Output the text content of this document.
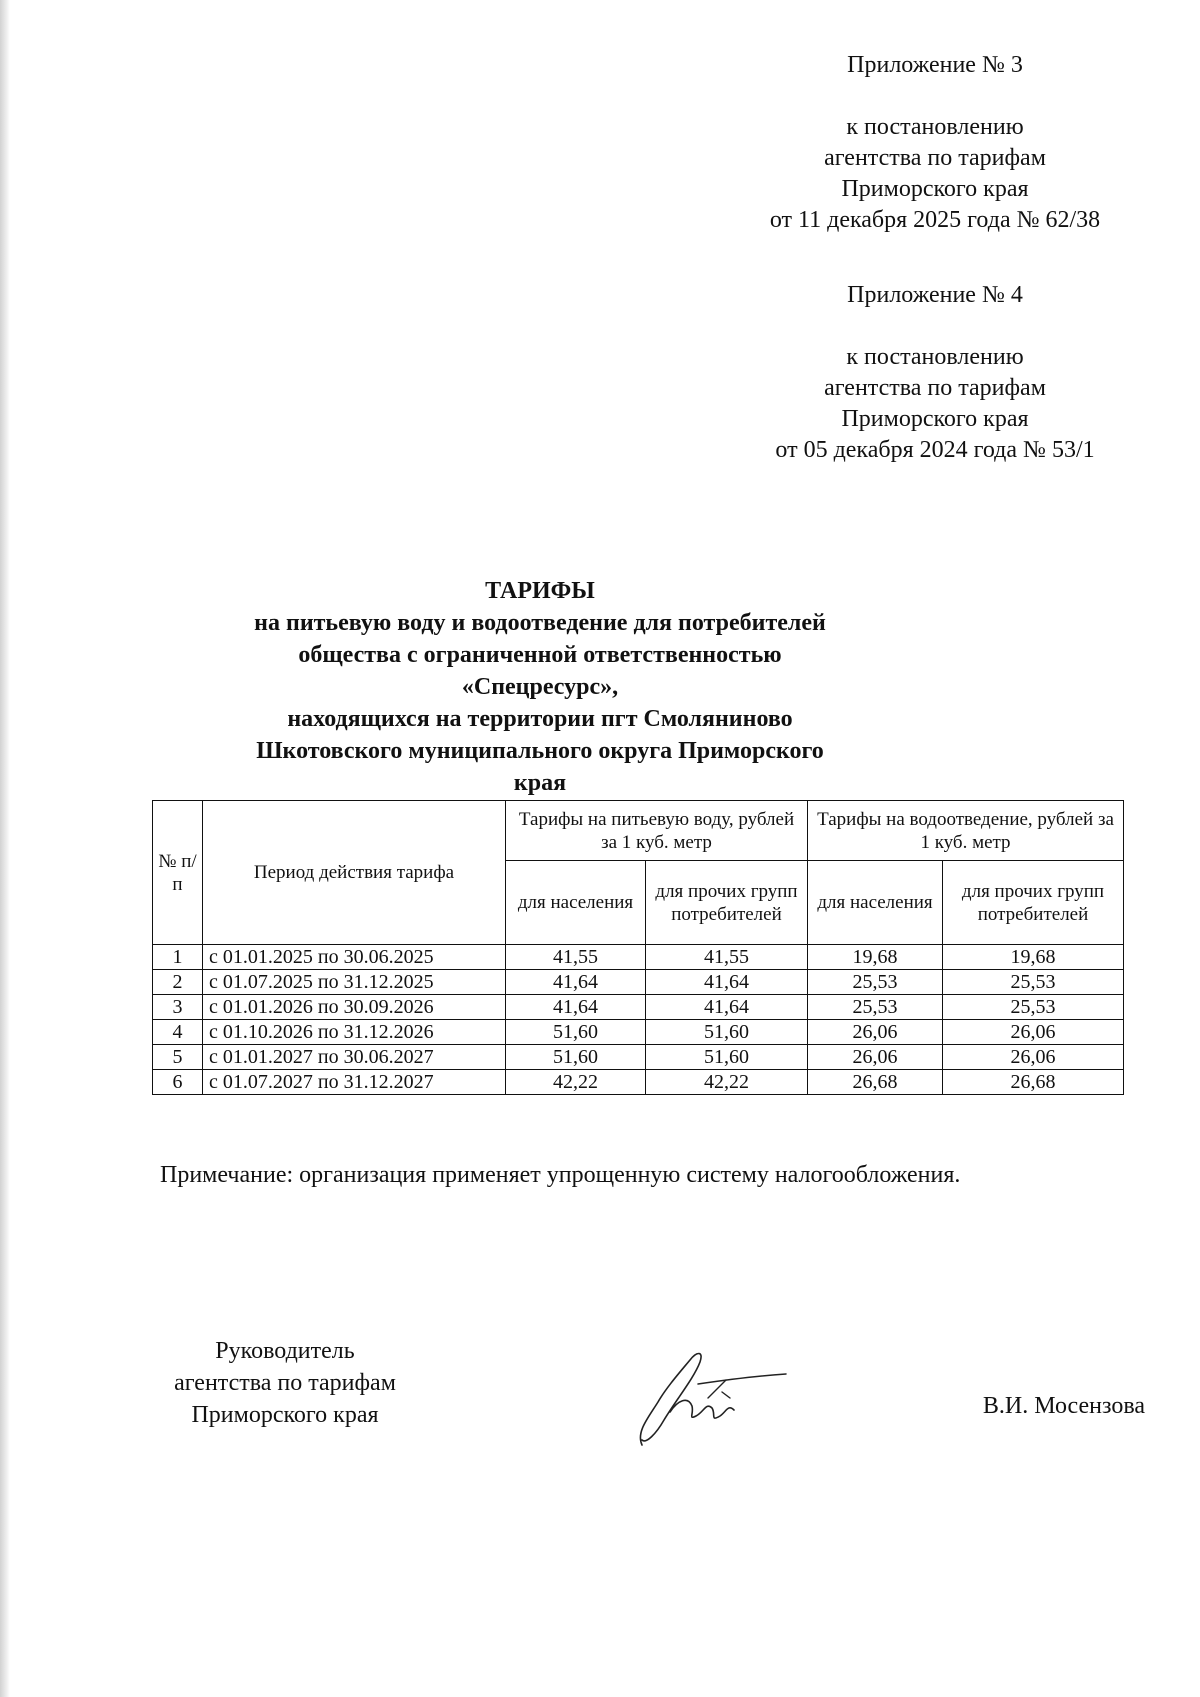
Приложение № 3
к постановлению
агентства по тарифам
Приморского края
от 11 декабря 2025 года № 62/38
Приложение № 4
к постановлению
агентства по тарифам
Приморского края
от 05 декабря 2024 года № 53/1
ТАРИФЫ
на питьевую воду и водоотведение для потребителей
общества с ограниченной ответственностью «Спецресурс»,
находящихся на территории пгт Смоляниново
Шкотовского муниципального округа Приморского края
№ п/п	Период действия тарифа	Тарифы на питьевую воду, рублей за 1 куб. метр		Тарифы на водоотведение, рублей за 1 куб. метр	
		для населения	для прочих групп потребителей	для населения	для прочих групп потребителей
1	с 01.01.2025 по 30.06.2025	41,55	41,55	19,68	19,68
2	с 01.07.2025 по 31.12.2025	41,64	41,64	25,53	25,53
3	с 01.01.2026 по 30.09.2026	41,64	41,64	25,53	25,53
4	с 01.10.2026 по 31.12.2026	51,60	51,60	26,06	26,06
5	с 01.01.2027 по 30.06.2027	51,60	51,60	26,06	26,06
6	с 01.07.2027 по 31.12.2027	42,22	42,22	26,68	26,68
Примечание: организация применяет упрощенную систему налогообложения.
Руководитель
агентства по тарифам
Приморского края	В.И. Мосензова
